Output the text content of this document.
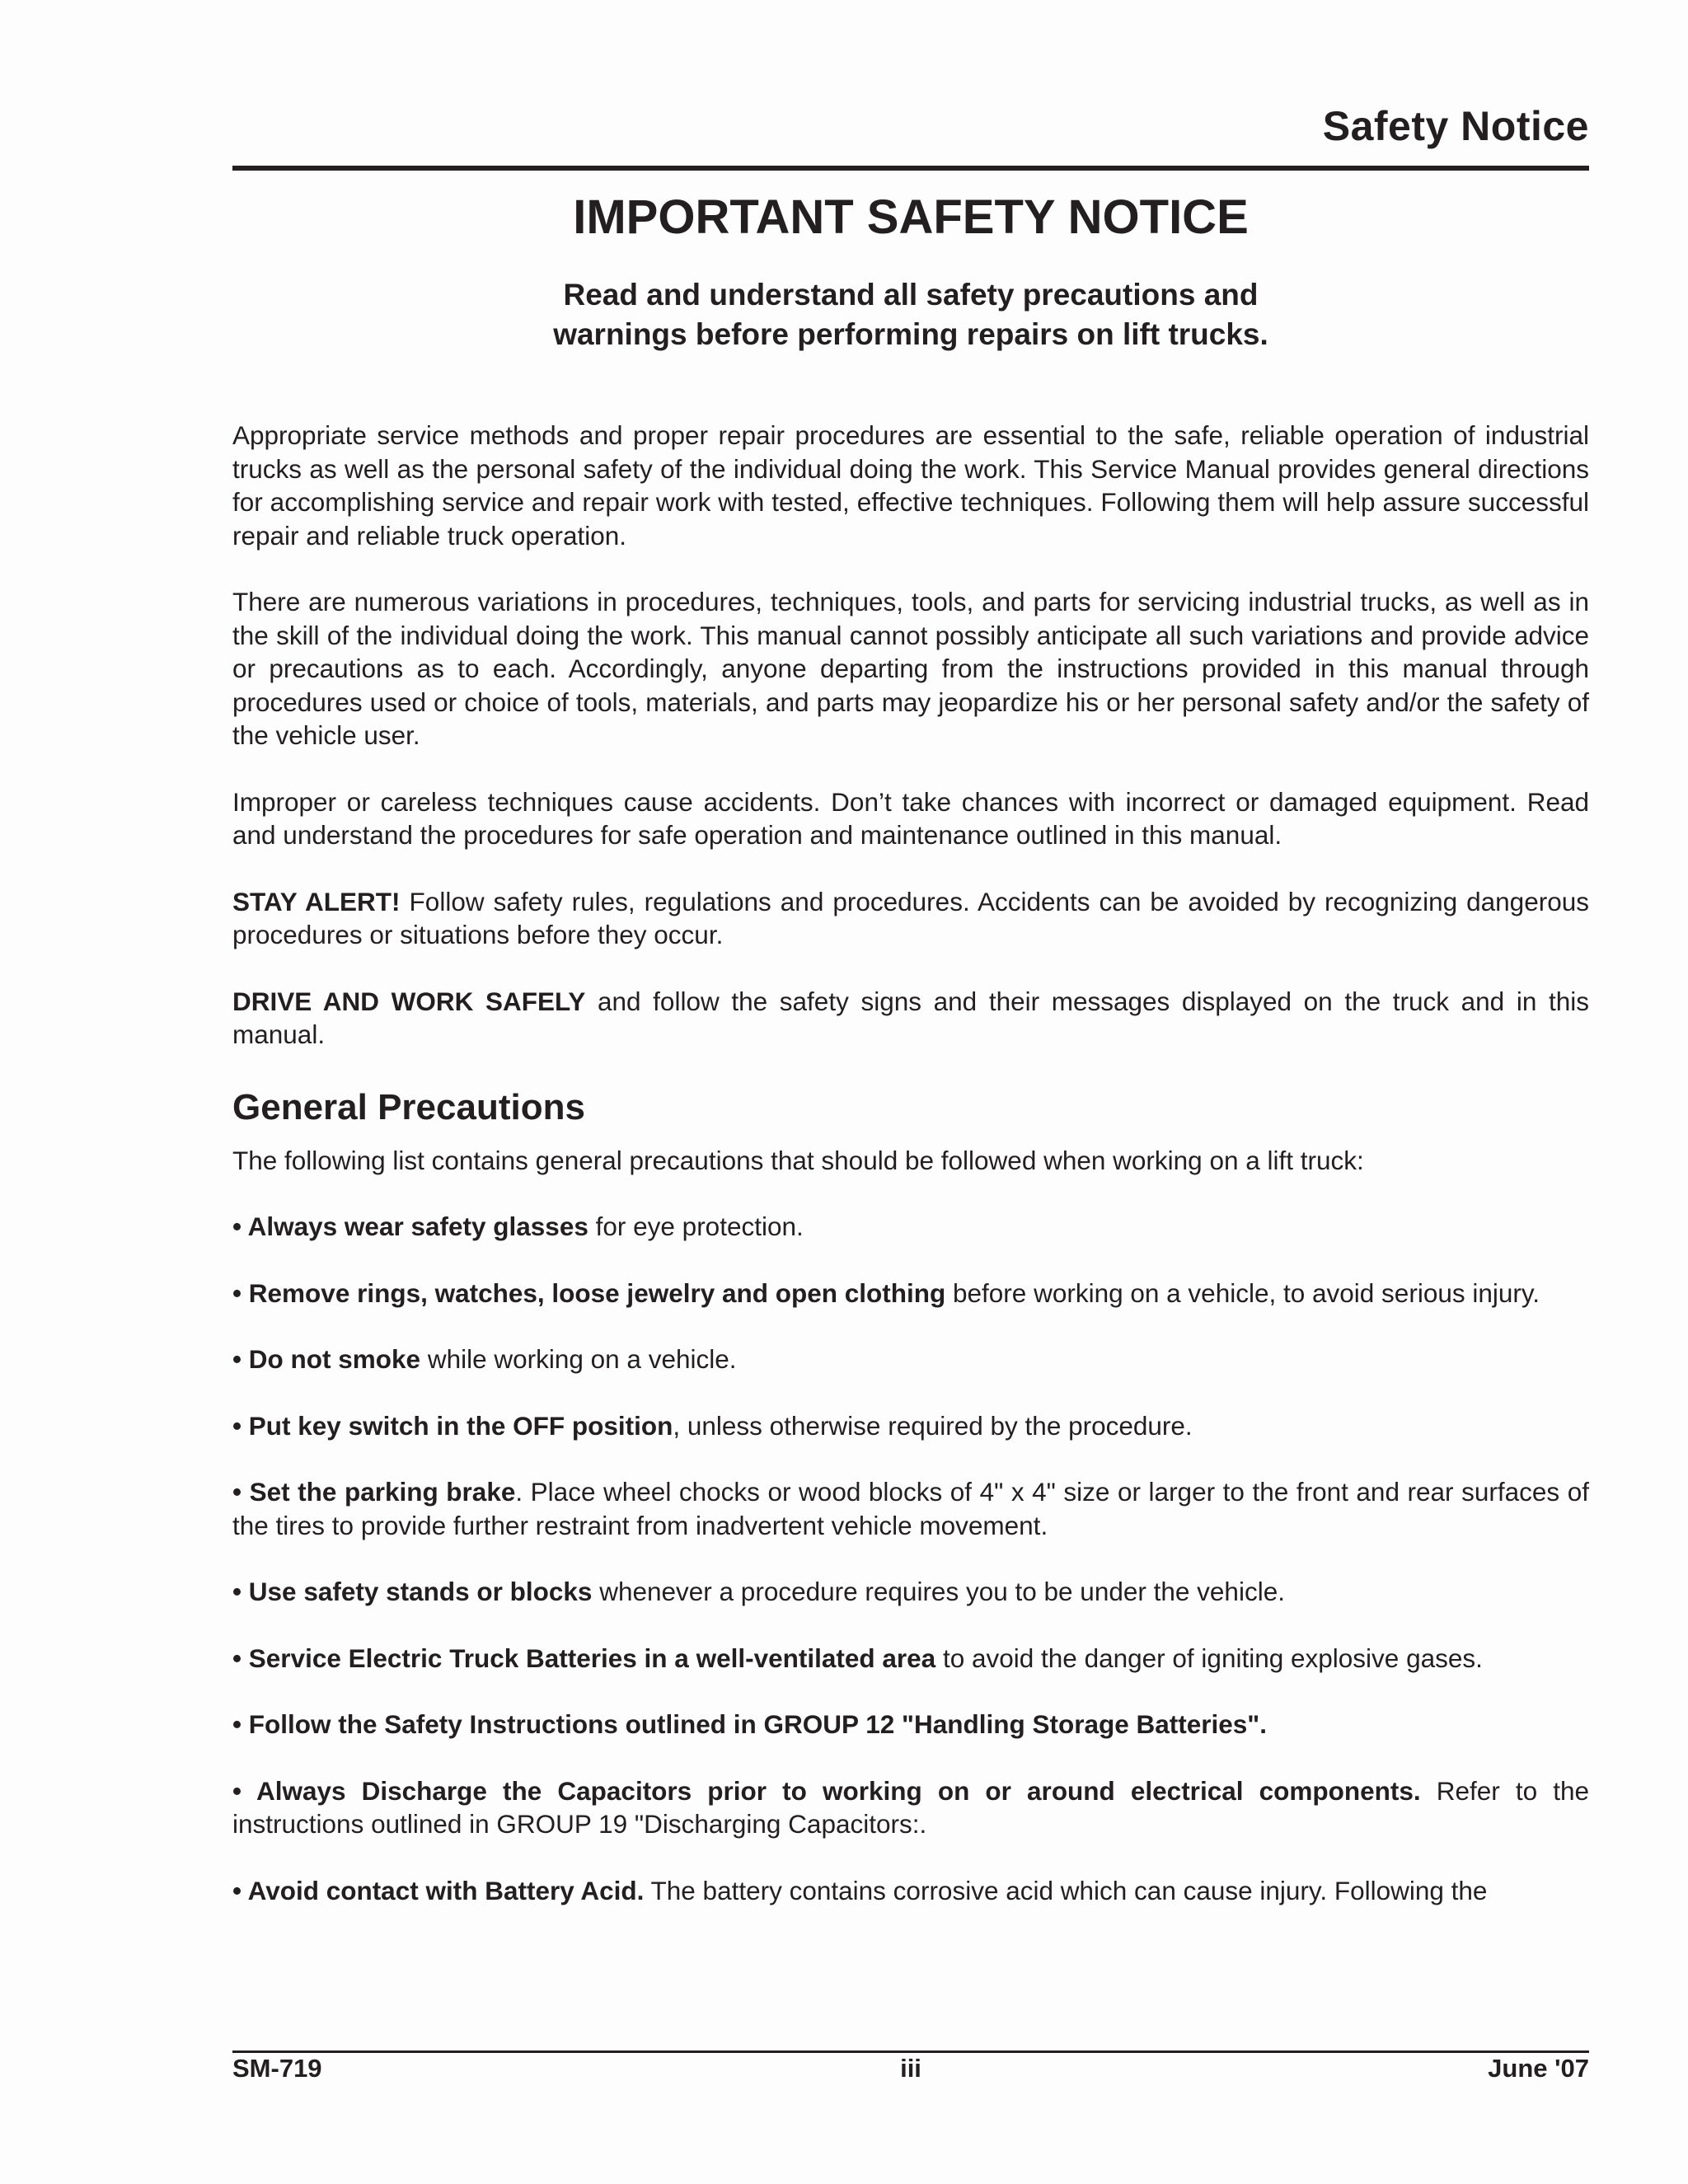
Safety Notice
IMPORTANT SAFETY NOTICE
Read and understand all safety precautions and
warnings before performing repairs on lift trucks.

Appropriate service methods and proper repair procedures are essential to the safe, reliable operation of industrial trucks as well as the personal safety of the individual doing the work. This Service Manual provides general directions for accomplishing service and repair work with tested, effective techniques. Following them will help assure successful repair and reliable truck operation.

There are numerous variations in procedures, techniques, tools, and parts for servicing industrial trucks, as well as in the skill of the individual doing the work. This manual cannot possibly anticipate all such variations and provide advice or precautions as to each. Accordingly, anyone departing from the instructions provided in this manual through procedures used or choice of tools, materials, and parts may jeopardize his or her personal safety and/or the safety of the vehicle user.

Improper or careless techniques cause accidents. Don’t take chances with incorrect or damaged equipment. Read and understand the procedures for safe operation and maintenance outlined in this manual.

STAY ALERT! Follow safety rules, regulations and procedures. Accidents can be avoided by recognizing dangerous procedures or situations before they occur.

DRIVE AND WORK SAFELY and follow the safety signs and their messages displayed on the truck and in this manual.

General Precautions

The following list contains general precautions that should be followed when working on a lift truck:

• Always wear safety glasses for eye protection.

• Remove rings, watches, loose jewelry and open clothing before working on a vehicle, to avoid serious injury.

• Do not smoke while working on a vehicle.

• Put key switch in the OFF position, unless otherwise required by the procedure.

• Set the parking brake. Place wheel chocks or wood blocks of 4" x 4" size or larger to the front and rear surfaces of the tires to provide further restraint from inadvertent vehicle movement.

• Use safety stands or blocks whenever a procedure requires you to be under the vehicle.

• Service Electric Truck Batteries in a well-ventilated area to avoid the danger of igniting explosive gases.

• Follow the Safety Instructions outlined in GROUP 12 "Handling Storage Batteries".

• Always Discharge the Capacitors prior to working on or around electrical components. Refer to the instructions outlined in GROUP 19 "Discharging Capacitors:.

• Avoid contact with Battery Acid. The battery contains corrosive acid which can cause injury. Following the

SM-719	iii	June '07
